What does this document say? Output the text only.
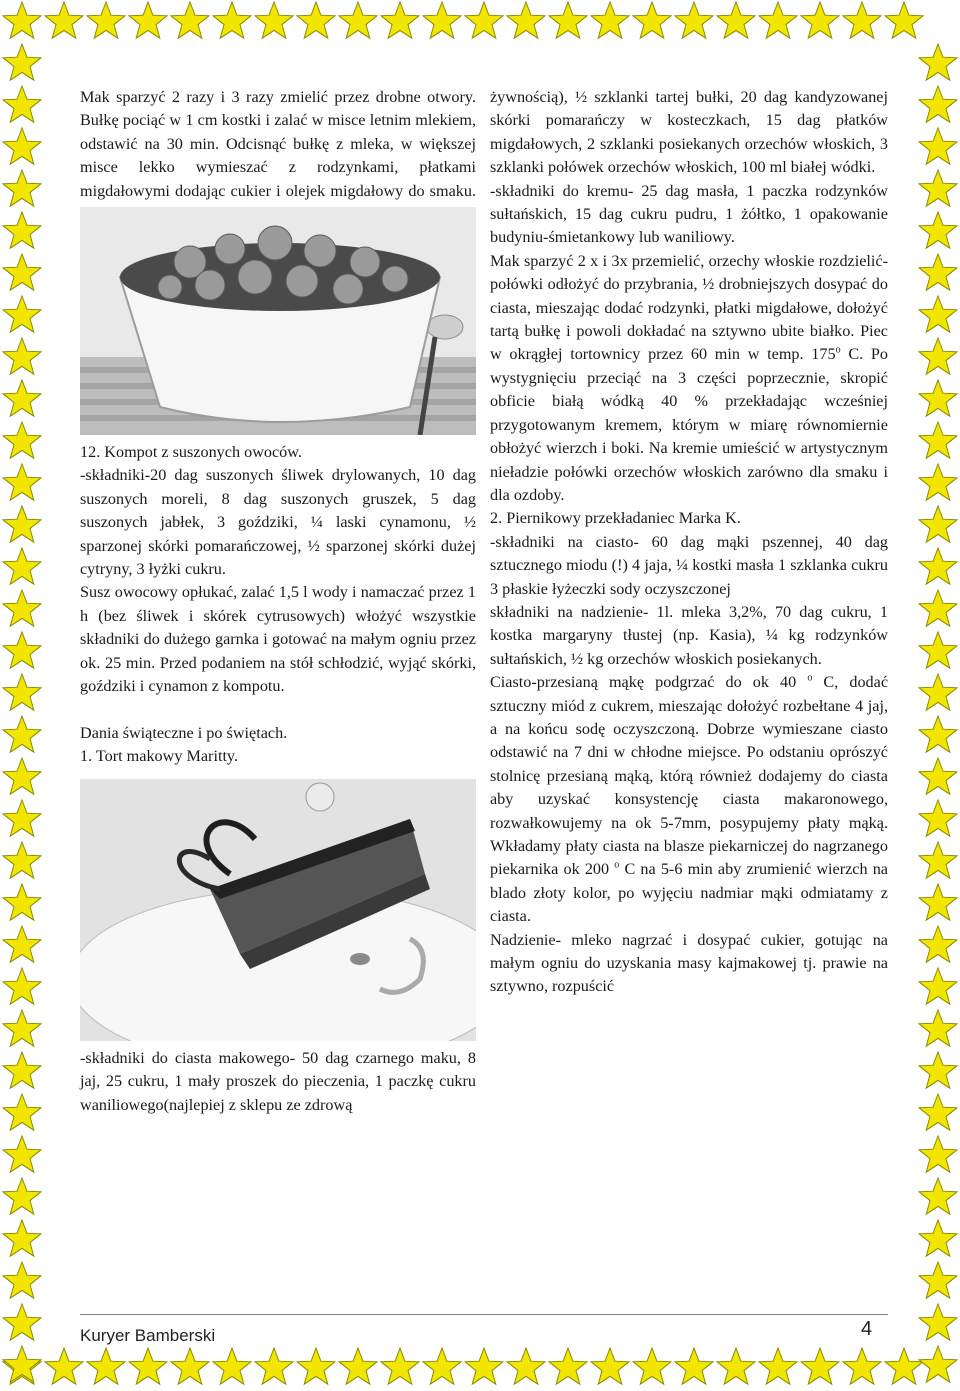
Mak sparzyć 2 razy i 3 razy zmielić przez drobne otwory. Bułkę pociąć w 1 cm kostki i zalać w misce letnim mlekiem, odstawić na 30 min. Odcisnąć bułkę z mleka, w większej misce lekko wymieszać z rodzynkami, płatkami migdałowymi dodając cukier i olejek migdałowy do smaku.
12. Kompot z suszonych owoców.
-składniki-20 dag suszonych śliwek drylowanych, 10 dag suszonych moreli, 8 dag suszonych gruszek, 5 dag suszonych jabłek, 3 goździki, ¼ laski cynamonu, ½ sparzonej skórki pomarańczowej, ½ sparzonej skórki dużej cytryny, 3 łyżki cukru.
Susz owocowy opłukać, zalać 1,5 l wody i namaczać przez 1 h (bez śliwek i skórek cytrusowych) włożyć wszystkie składniki do dużego garnka i gotować na małym ogniu przez ok. 25 min. Przed podaniem na stół schłodzić, wyjąć skórki, goździki i cynamon z kompotu.
Dania świąteczne i po świętach.
1. Tort makowy Maritty.
-składniki do ciasta makowego- 50 dag czarnego maku, 8 jaj, 25 cukru, 1 mały proszek do pieczenia, 1 paczkę cukru waniliowego(najlepiej z sklepu ze zdrową
żywnością), ½ szklanki tartej bułki, 20 dag kandyzowanej skórki pomarańczy w kosteczkach, 15 dag płatków migdałowych, 2 szklanki posiekanych orzechów włoskich, 3 szklanki połówek orzechów włoskich, 100 ml białej wódki.
-składniki do kremu- 25 dag masła, 1 paczka rodzynków sułtańskich, 15 dag cukru pudru, 1 żółtko, 1 opakowanie budyniu-śmietankowy lub waniliowy.
Mak sparzyć 2 x i 3x przemielić, orzechy włoskie rozdzielić- połówki odłożyć do przybrania, ½ drobniejszych dosypać do ciasta, mieszając dodać rodzynki, płatki migdałowe, dołożyć tartą bułkę i powoli dokładać na sztywno ubite białko. Piec w okrągłej tortownicy przez 60 min w temp. 175$^o$ C. Po wystygnięciu przeciąć na 3 części poprzecznie, skropić obficie białą wódką 40 % przekładając wcześniej przygotowanym kremem, którym w miarę równomiernie obłożyć wierzch i boki. Na kremie umieścić w artystycznym nieładzie połówki orzechów włoskich zarówno dla smaku i dla ozdoby.
2. Piernikowy przekładaniec Marka K.
-składniki na ciasto- 60 dag mąki pszennej, 40 dag sztucznego miodu (!) 4 jaja, ¼ kostki masła 1 szklanka cukru 3 płaskie łyżeczki sody oczyszczonej
składniki na nadzienie- 1l. mleka 3,2%, 70 dag cukru, 1 kostka margaryny tłustej (np. Kasia), ¼ kg rodzynków sułtańskich, ½ kg orzechów włoskich posiekanych.
Ciasto-przesianą mąkę podgrzać do ok 40 $^o$ C, dodać sztuczny miód z cukrem, mieszając dołożyć rozbełtane 4 jaj, a na końcu sodę oczyszczoną. Dobrze wymieszane ciasto odstawić na 7 dni w chłodne miejsce. Po odstaniu oprószyć stolnicę przesianą mąką, którą również dodajemy do ciasta aby uzyskać konsystencję ciasta makaronowego, rozwałkowujemy na ok 5-7mm, posypujemy płaty mąką. Wkładamy płaty ciasta na blasze piekarniczej do nagrzanego piekarnika ok 200 $^o$ C na 5-6 min aby zrumienić wierzch na blado złoty kolor, po wyjęciu nadmiar mąki odmiatamy z ciasta.
Nadzienie- mleko nagrzać i dosypać cukier, gotując na małym ogniu do uzyskania masy kajmakowej tj. prawie na sztywno, rozpuścić
Kuryer Bamberski	4
